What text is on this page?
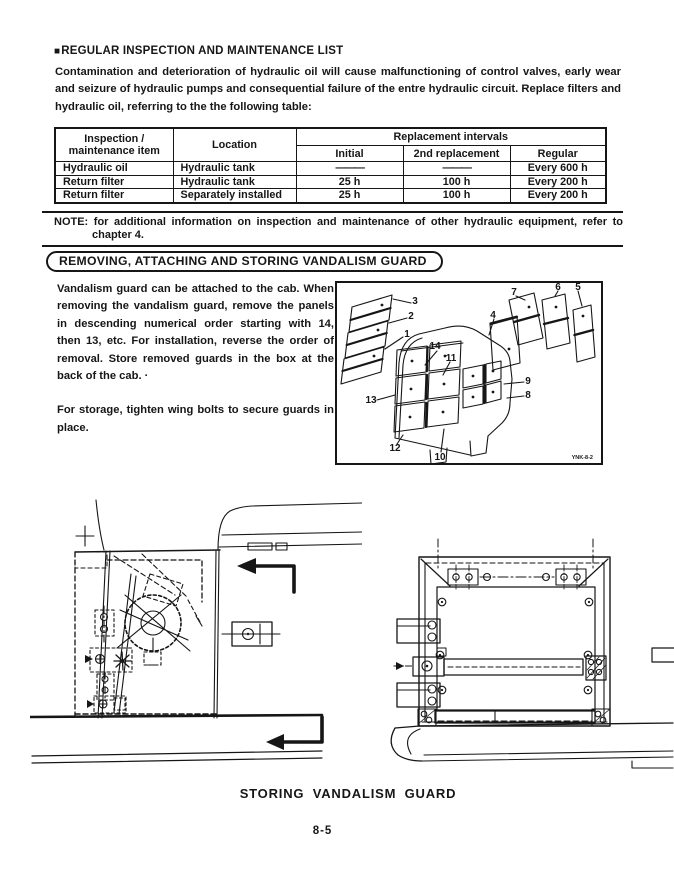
■REGULAR INSPECTION AND MAINTENANCE LIST
Contamination and deterioration of hydraulic oil will cause malfunctioning of control valves, early wear and seizure of hydraulic pumps and consequential failure of the entre hydraulic circuit. Replace filters and hydraulic oil, referring to the the following table:
Inspection /
maintenance item	Location	Replacement intervals		
		Initial	2nd replacement	Regular
Hydraulic oil	Hydraulic tank	———	———	Every 600 h
Return filter	Hydraulic tank	25 h	100 h	Every 200 h
Return filter	Separately installed	25 h	100 h	Every 200 h
NOTE: for additional information on inspection and maintenance of other hydraulic equipment, refer to
chapter 4.
REMOVING, ATTACHING AND STORING VANDALISM GUARD

Vandalism guard can be attached to the cab. When removing the vandalism guard, remove the panels in descending numerical order starting with 14, then 13, etc. For installation, reverse the order of removal. Store removed guards in the box at the back of the cab. ·

For storage, tighten wing bolts to secure guards in place.

3
2
1
14
11
13
12
10
9
8
7	6 5
4
YNK-8-2
STORING VANDALISM GUARD
8-5
